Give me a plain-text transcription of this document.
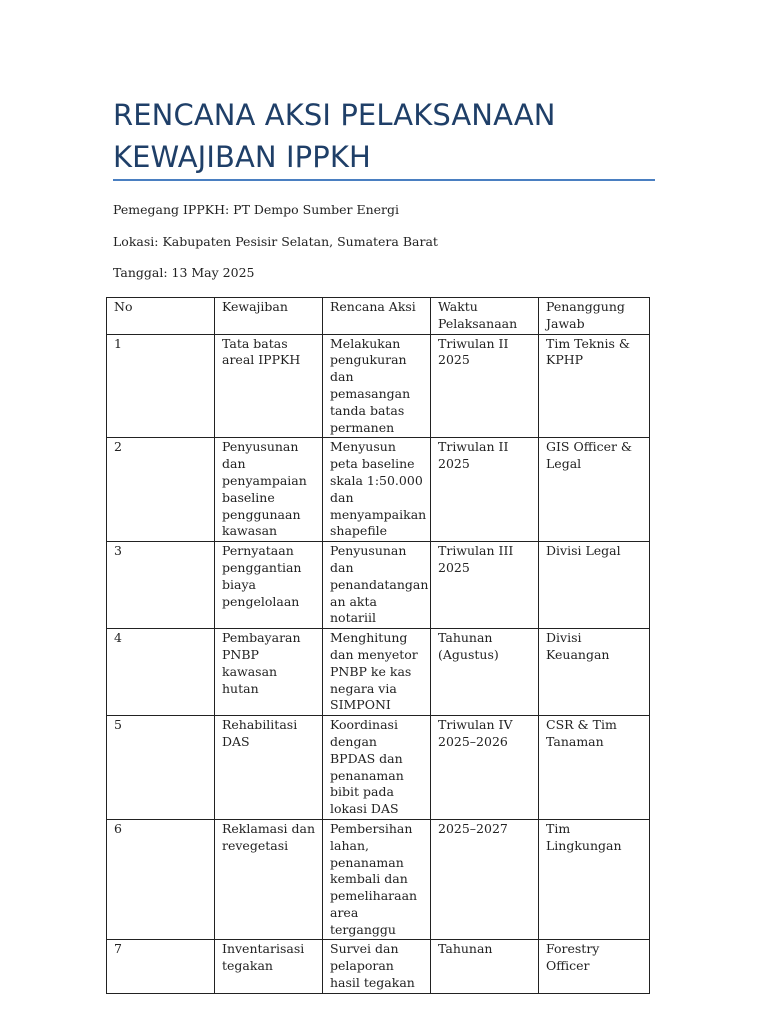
RENCANA AKSI PELAKSANAAN KEWAJIBAN IPPKH
Pemegang IPPKH: PT Dempo Sumber Energi
Lokasi: Kabupaten Pesisir Selatan, Sumatera Barat
Tanggal: 13 May 2025
No	Kewajiban	Rencana Aksi	Waktu Pelaksanaan	Penanggung Jawab
1	Tata batas areal IPPKH	Melakukan pengukuran dan pemasangan tanda batas permanen	Triwulan II 2025	Tim Teknis & KPHP
2	Penyusunan dan penyampaian baseline penggunaan kawasan	Menyusun peta baseline skala 1:50.000 dan menyampaikan shapefile	Triwulan II 2025	GIS Officer & Legal
3	Pernyataan penggantian biaya pengelolaan	Penyusunan dan penandatangan an akta notariil	Triwulan III 2025	Divisi Legal
4	Pembayaran PNBP kawasan hutan	Menghitung dan menyetor PNBP ke kas negara via SIMPONI	Tahunan (Agustus)	Divisi Keuangan
5	Rehabilitasi DAS	Koordinasi dengan BPDAS dan penanaman bibit pada lokasi DAS	Triwulan IV 2025–2026	CSR & Tim Tanaman
6	Reklamasi dan revegetasi	Pembersihan lahan, penanaman kembali dan pemeliharaan area terganggu	2025–2027	Tim Lingkungan
7	Inventarisasi tegakan	Survei dan pelaporan hasil tegakan	Tahunan	Forestry Officer
